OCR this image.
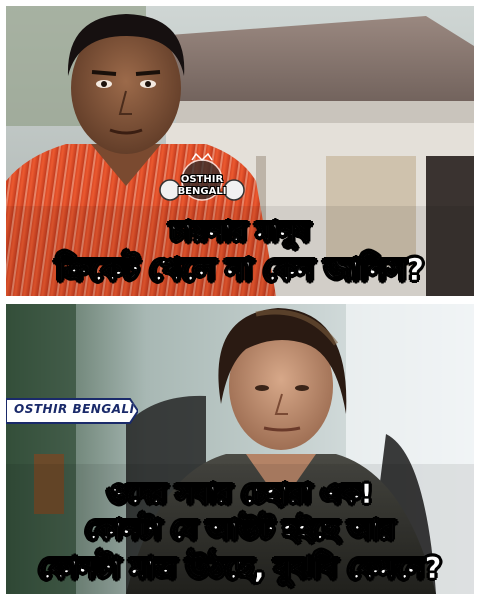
OSTHIR
BENGALI
চায়নার মানুষ
ক্রিকেট খেলে না কেন জানিস?
OSTHIR BENGALI
ওদের সবার চেহারা এক!
কোনটা যে আউট হইছে আর
কোনটা মাত্র উঠছে, বুঝবি কেমনে?
